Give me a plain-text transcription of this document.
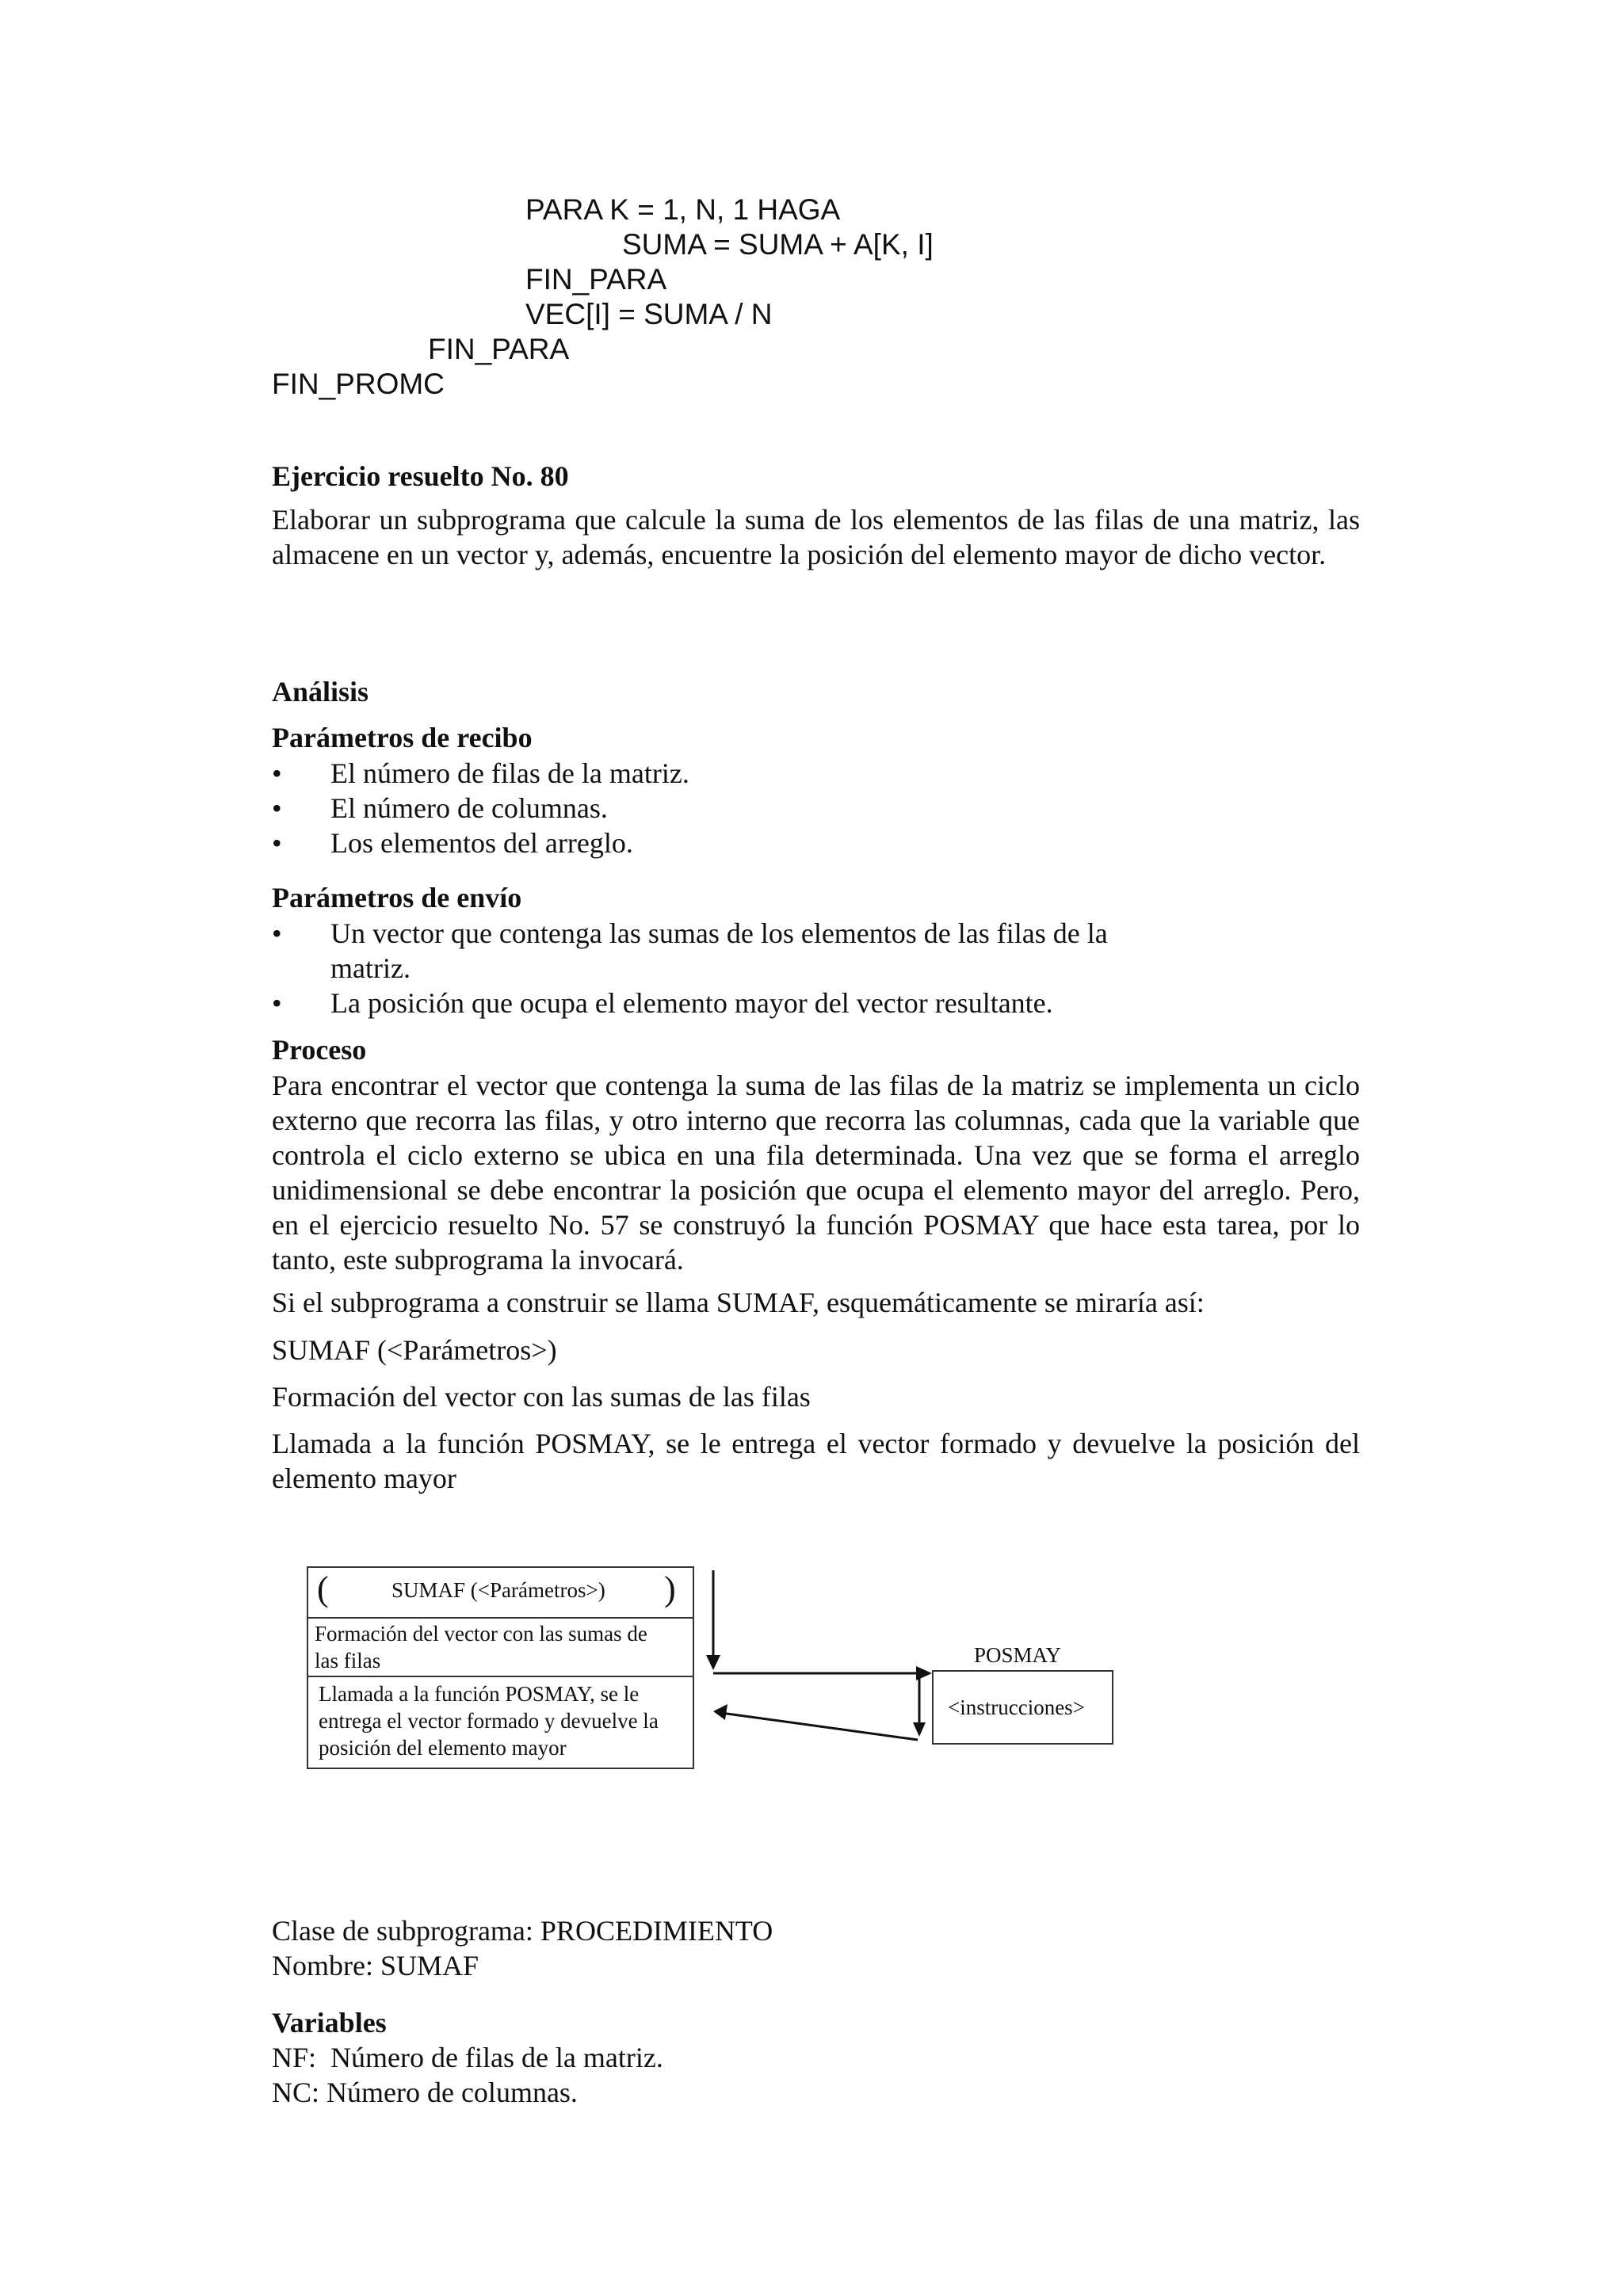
PARA K = 1, N, 1 HAGA
SUMA = SUMA + A[K, I]
FIN_PARA
VEC[I] = SUMA / N
FIN_PARA
FIN_PROMC
Ejercicio resuelto No. 80
Elaborar un subprograma que calcule la suma de los elementos de las filas de una matriz, las almacene en un vector y, además, encuentre la posición del elemento mayor de dicho vector.
Análisis
Parámetros de recibo
• El número de filas de la matriz.
• El número de columnas.
• Los elementos del arreglo.
Parámetros de envío
• Un vector que contenga las sumas de los elementos de las filas de la matriz.
• La posición que ocupa el elemento mayor del vector resultante.
Proceso
Para encontrar el vector que contenga la suma de las filas de la matriz se implementa un ciclo externo que recorra las filas, y otro interno que recorra las columnas, cada que la variable que controla el ciclo externo se ubica en una fila determinada. Una vez que se forma el arreglo unidimensional se debe encontrar la posición que ocupa el elemento mayor del arreglo. Pero, en el ejercicio resuelto No. 57 se construyó la función POSMAY que hace esta tarea, por lo tanto, este subprograma la invocará.
Si el subprograma a construir se llama SUMAF, esquemáticamente se miraría así:
SUMAF (<Parámetros>)
Formación del vector con las sumas de las filas
Llamada a la función POSMAY, se le entrega el vector formado y devuelve la posición del elemento mayor
(	SUMAF (<Parámetros>) )
Formación del vector con las sumas de
las filas
Llamada a la función POSMAY, se le
entrega el vector formado y devuelve la
posición del elemento mayor
POSMAY
<instrucciones>
Clase de subprograma: PROCEDIMIENTO
Nombre: SUMAF
Variables
NF:  Número de filas de la matriz.
NC: Número de columnas.
